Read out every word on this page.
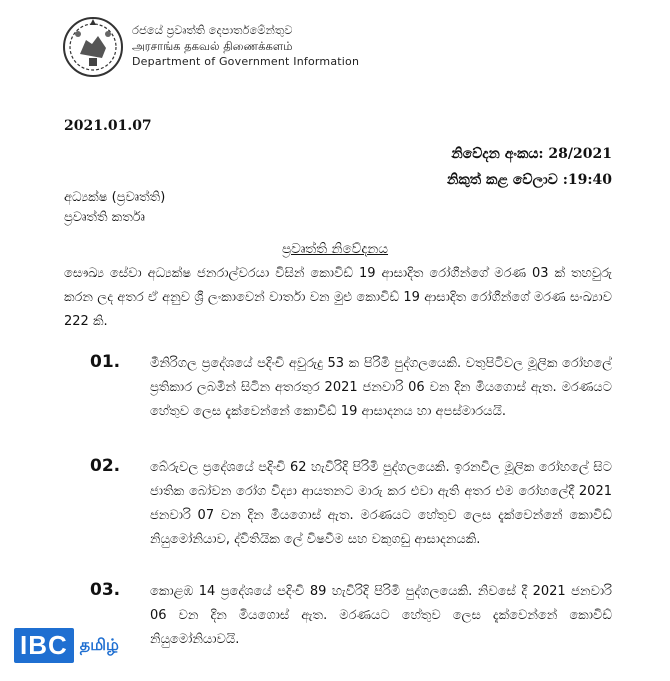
රජයේ ප්‍රවෘත්ති දෙපාර්තමේන්තුව
அரசாங்க தகவல் திணைக்களம்
Department of Government Information
2021.01.07
නිවේදන අංකය: 28/2021
නිකුත් කළ වේලාව :19:40
අධ්‍යක්ෂ (ප්‍රවෘත්ති)
ප්‍රවෘත්ති කර්තෘ
ප්‍රවෘත්ති නිවේදනය
සෞඛ්‍ය සේවා අධ්‍යක්ෂ ජනරාල්වරයා විසින් කොවිඩ් 19 ආසාදිත රෝගීන්ගේ මරණ 03 ක් තහවුරු කරන ලද අතර ඒ අනුව ශ්‍රී ලංකාවෙන් වාර්තා වන මුළු කොවිඩ් 19 ආසාදිත රෝගීන්ගේ මරණ සංඛ්‍යාව 222 කි.
01. මීනිරිගල ප්‍රදේශයේ පදිංචි අවුරුදු 53 ක පිරිමි පුද්ගලයෙකි. වතුපිටිවල මූලික රෝහලේ ප්‍රතිකාර ලබමින් සිටින අතරතුර 2021 ජනවාරි 06 වන දින මියගොස් ඇත. මරණයට හේතුව ලෙස දැක්වෙන්නේ කොවිඩ් 19 ආසාදනය හා අපස්මාරයයි.
02. බේරුවල ප්‍රදේශයේ පදිංචි 62 හැවිරිදි පිරිමි පුද්ගලයෙකි. ඉරනවිල මූලික රෝහලේ සිට ජාතික බෝවන රෝග විද්‍යා ආයතනට මාරු කර එවා ඇති අතර එම රෝහලේදී 2021 ජනවාරි 07 වන දින මියගොස් ඇත. මරණයට හේතුව ලෙස දැක්වෙන්නේ කොවිඩ් නියුමෝනියාව, ද්විතියික ලේ විෂවීම සහ වකුගඩු ආසාදනයකි.
03. කොළඹ 14 ප්‍රදේශයේ පදිංචි 89 හැවිරිදි පිරිමි පුද්ගලයෙකි. නිවසේ දී 2021 ජනවාරි 06 වන දින මියගොස් ඇත. මරණයට හේතුව ලෙස දැක්වෙන්නේ කොවිඩ් නියුමෝනියාවයි.
IBC தமிழ்
